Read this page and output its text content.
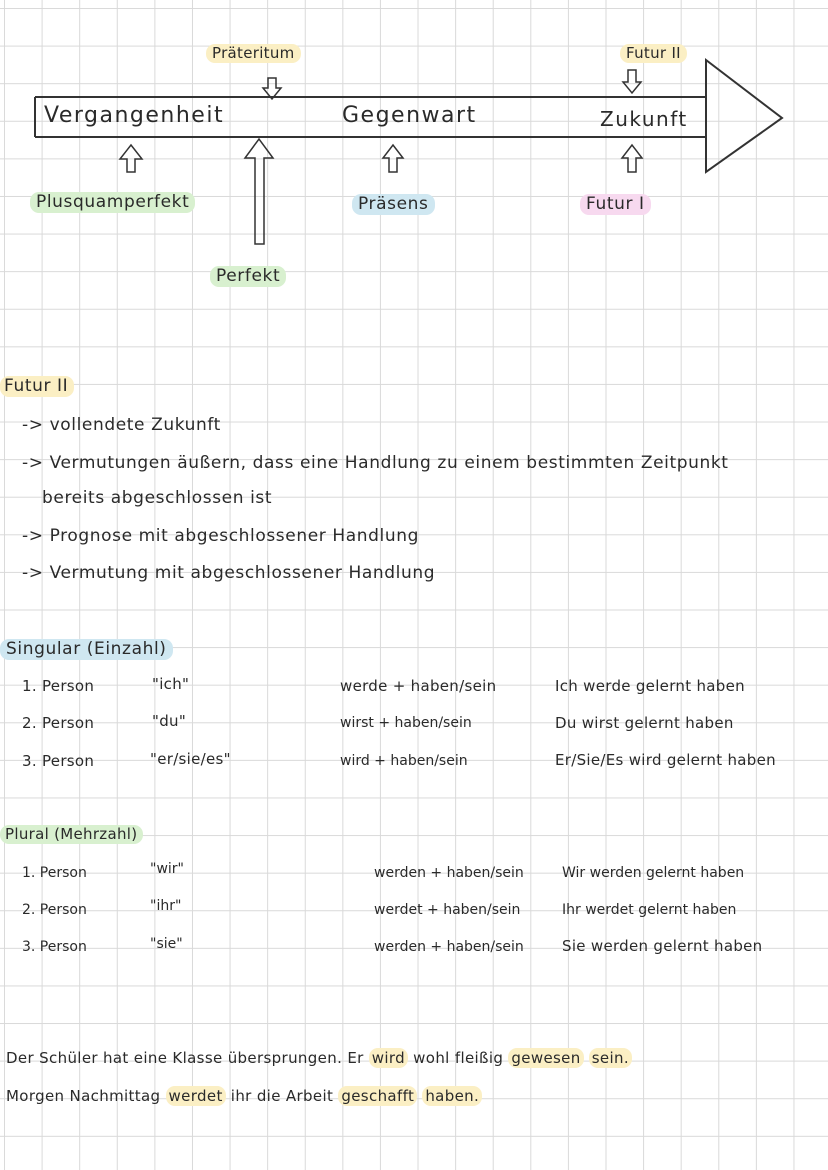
Präteritum	Futur II
Vergangenheit	Gegenwart	Zukunft
Plusquamperfekt	Präsens	Futur I
Perfekt
Futur II
-> vollendete Zukunft
-> Vermutungen äußern, dass eine Handlung zu einem bestimmten Zeitpunkt
bereits abgeschlossen ist
-> Prognose mit abgeschlossener Handlung
-> Vermutung mit abgeschlossener Handlung
Singular (Einzahl)
1. Person	"ich"	werde + haben/sein	Ich werde gelernt haben
2. Person	"du"	wirst + haben/sein	Du wirst gelernt haben
3. Person	"er/sie/es"	wird + haben/sein	Er/Sie/Es wird gelernt haben
Plural (Mehrzahl)
1. Person	"wir"	werden + haben/sein	Wir werden gelernt haben
2. Person	"ihr"	werdet + haben/sein	Ihr werdet gelernt haben
3. Person	"sie"	werden + haben/sein	Sie werden gelernt haben
Der Schüler hat eine Klasse übersprungen. Er wird wohl fleißig gewesen sein.
Morgen Nachmittag werdet ihr die Arbeit geschafft haben.
